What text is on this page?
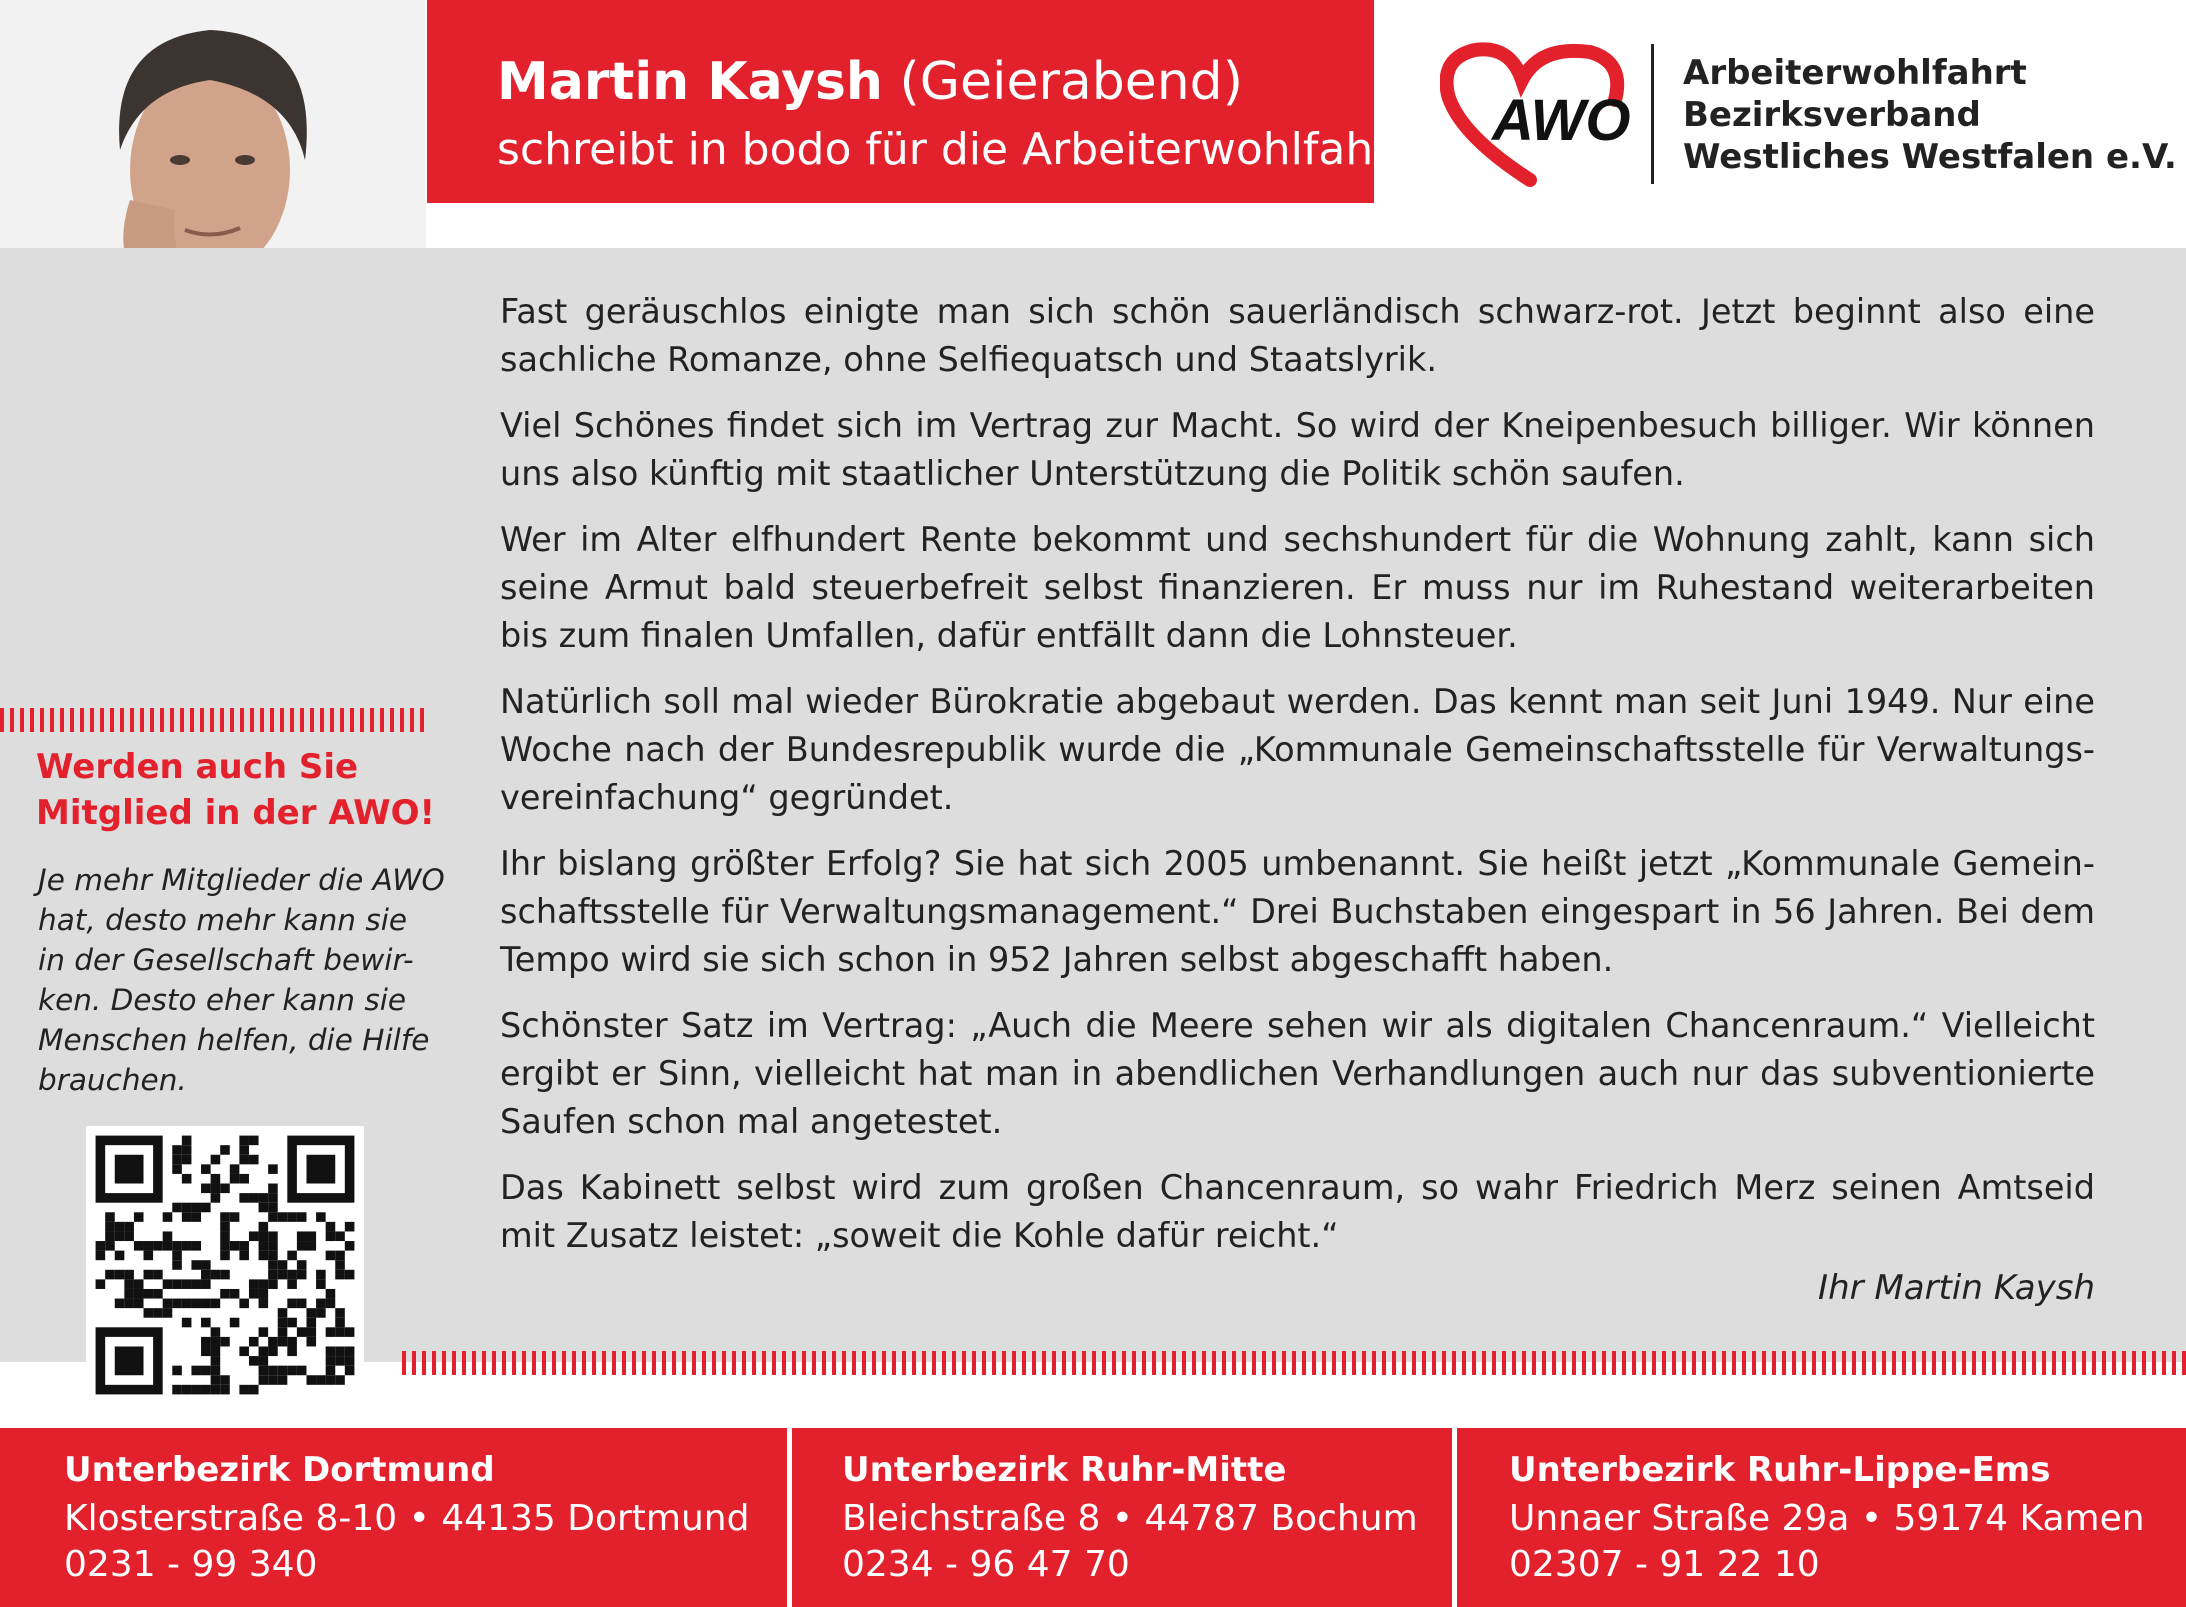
Martin Kaysh (Geierabend)
schreibt in bodo für die Arbeiterwohlfahrt AWO
Arbeiterwohlfahrt
Bezirksverband
Westliches Westfalen e.V.
Werden auch Sie
Mitglied in der AWO!
Je mehr Mitglieder die AWO
hat, desto mehr kann sie
in der Gesellschaft bewir-
ken. Desto eher kann sie
Menschen helfen, die Hilfe
brauchen.

Fast geräuschlos einigte man sich schön sauerländisch schwarz-rot. Jetzt beginnt also eine sachliche Romanze, ohne Selfiequatsch und Staatslyrik.

Viel Schönes findet sich im Vertrag zur Macht. So wird der Kneipenbesuch billiger. Wir können uns also künftig mit staatlicher Unterstützung die Politik schön saufen.

Wer im Alter elfhundert Rente bekommt und sechshundert für die Wohnung zahlt, kann sich seine Armut bald steuerbefreit selbst finanzieren. Er muss nur im Ruhestand weiterarbeiten bis zum finalen Umfallen, dafür entfällt dann die Lohnsteuer.

Natürlich soll mal wieder Bürokratie abgebaut werden. Das kennt man seit Juni 1949. Nur eine Woche nach der Bundesrepublik wurde die „Kommunale Gemeinschaftsstelle für Verwaltungs-vereinfachung“ gegründet.

Ihr bislang größter Erfolg? Sie hat sich 2005 umbenannt. Sie heißt jetzt „Kommunale Gemein-schaftsstelle für Verwaltungsmanagement.“ Drei Buchstaben eingespart in 56 Jahren. Bei dem Tempo wird sie sich schon in 952 Jahren selbst abgeschafft haben.

Schönster Satz im Vertrag: „Auch die Meere sehen wir als digitalen Chancenraum.“ Vielleicht ergibt er Sinn, vielleicht hat man in abendlichen Verhandlungen auch nur das subventionierte Saufen schon mal angetestet.

Das Kabinett selbst wird zum großen Chancenraum, so wahr Friedrich Merz seinen Amtseid mit Zusatz leistet: „soweit die Kohle dafür reicht.“

Ihr Martin Kaysh
Unterbezirk Dortmund
Klosterstraße 8-10 • 44135 Dortmund
0231 - 99 340
Unterbezirk Ruhr-Mitte
Bleichstraße 8 • 44787 Bochum
0234 - 96 47 70
Unterbezirk Ruhr-Lippe-Ems
Unnaer Straße 29a • 59174 Kamen
02307 - 91 22 10
